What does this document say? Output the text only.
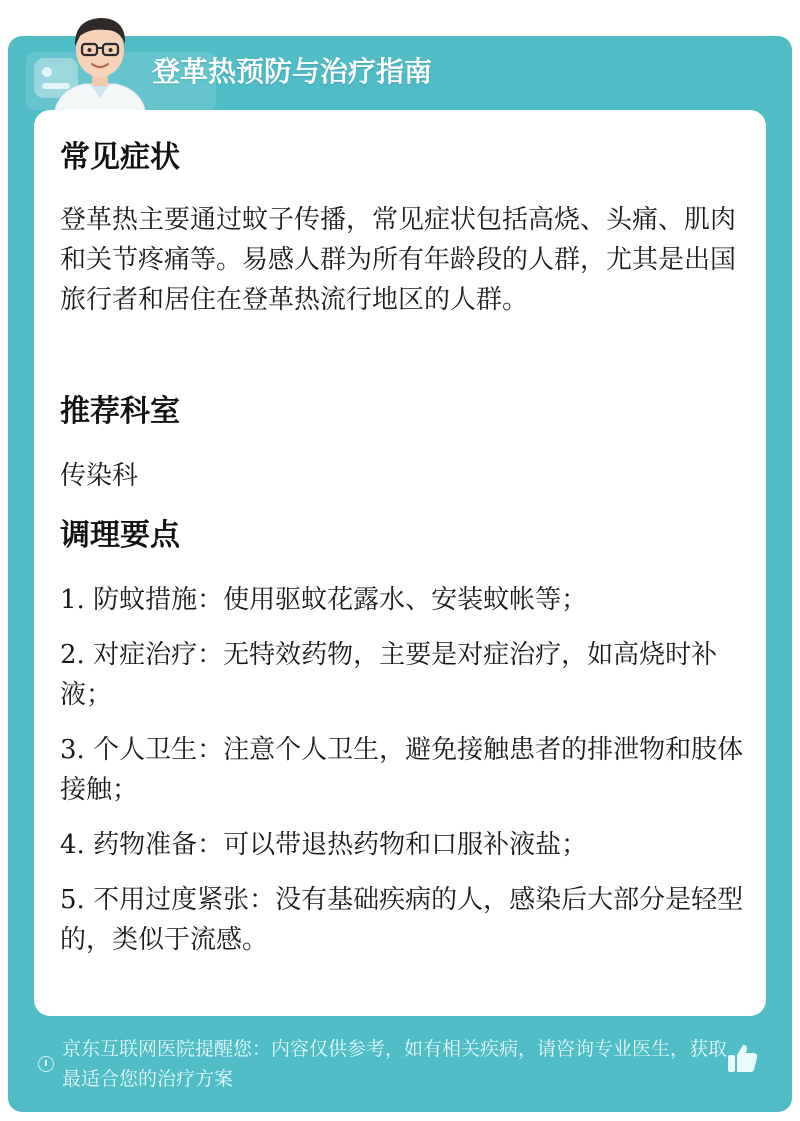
登革热预防与治疗指南
常见症状

登革热主要通过蚊子传播，常见症状包括高烧、头痛、肌肉和关节疼痛等。易感人群为所有年龄段的人群，尤其是出国旅行者和居住在登革热流行地区的人群。

推荐科室

传染科

调理要点

1. 防蚊措施：使用驱蚊花露水、安装蚊帐等；

2. 对症治疗：无特效药物，主要是对症治疗，如高烧时补液；

3. 个人卫生：注意个人卫生，避免接触患者的排泄物和肢体接触；

4. 药物准备：可以带退热药物和口服补液盐；

5. 不用过度紧张：没有基础疾病的人，感染后大部分是轻型的，类似于流感。

京东互联网医院提醒您：内容仅供参考，如有相关疾病，请咨询专业医生，获取最适合您的治疗方案
